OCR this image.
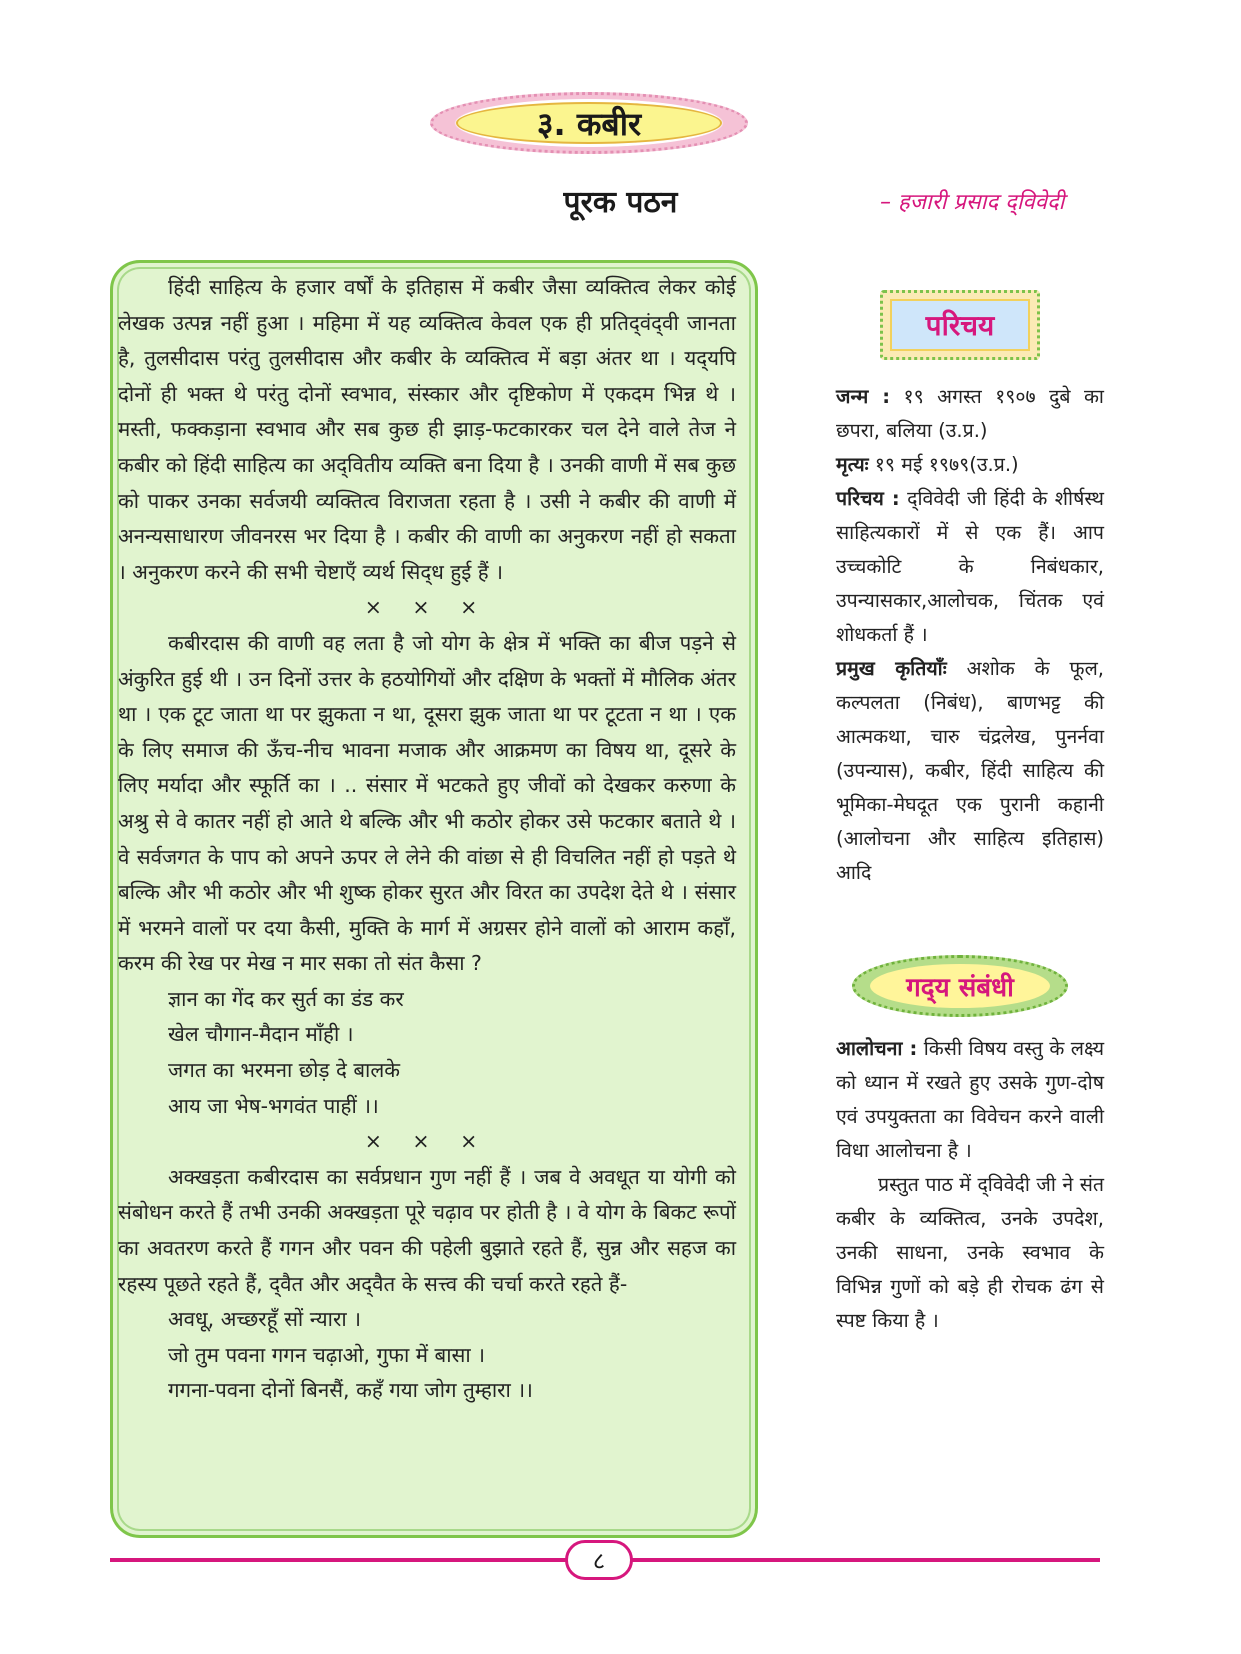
३. कबीर
पूरक पठन	– हजारी प्रसाद द्‌विवेदी

हिंदी साहित्य के हजार वर्षों के इतिहास में कबीर जैसा व्यक्तित्व लेकर कोई लेखक उत्पन्न नहीं हुआ । महिमा में यह व्यक्तित्व केवल एक ही प्रतिद्‌वंद्‌वी जानता है, तुलसीदास परंतु तुलसीदास और कबीर के व्यक्तित्व में बड़ा अंतर था । यद्‌यपि दोनों ही भक्त थे परंतु दोनों स्वभाव, संस्कार और दृष्टिकोण में एकदम भिन्न थे । मस्ती, फक्कड़ाना स्वभाव और सब कुछ ही झाड़-फटकारकर चल देने वाले तेज ने कबीर को हिंदी साहित्य का अद्‌वितीय व्यक्ति बना दिया है । उनकी वाणी में सब कुछ को पाकर उनका सर्वजयी व्यक्तित्व विराजता रहता है । उसी ने कबीर की वाणी में अनन्यसाधारण जीवनरस भर दिया है । कबीर की वाणी का अनुकरण नहीं हो सकता । अनुकरण करने की सभी चेष्टाएँ व्यर्थ सिद्‌ध हुई हैं ।

× × ×

कबीरदास की वाणी वह लता है जो योग के क्षेत्र में भक्ति का बीज पड़ने से अंकुरित हुई थी । उन दिनों उत्तर के हठयोगियों और दक्षिण के भक्तों में मौलिक अंतर था । एक टूट जाता था पर झुकता न था, दूसरा झुक जाता था पर टूटता न था । एक के लिए समाज की ऊँच-नीच भावना मजाक और आक्रमण का विषय था, दूसरे के लिए मर्यादा और स्फूर्ति का । .. संसार में भटकते हुए जीवों को देखकर करुणा के अश्रु से वे कातर नहीं हो आते थे बल्कि और भी कठोर होकर उसे फटकार बताते थे । वे सर्वजगत के पाप को अपने ऊपर ले लेने की वांछा से ही विचलित नहीं हो पड़ते थे बल्कि और भी कठोर और भी शुष्क होकर सुरत और विरत का उपदेश देते थे । संसार में भरमने वालों पर दया कैसी, मुक्ति के मार्ग में अग्रसर होने वालों को आराम कहाँ, करम की रेख पर मेख न मार सका तो संत कैसा ?

ज्ञान का गेंद कर सुर्त का डंड कर

खेल चौगान-मैदान माँही ।

जगत का भरमना छोड़ दे बालके

आय जा भेष-भगवंत पाहीं ।।

× × ×

अक्खड़ता कबीरदास का सर्वप्रधान गुण नहीं हैं । जब वे अवधूत या योगी को संबोधन करते हैं तभी उनकी अक्खड़ता पूरे चढ़ाव पर होती है । वे योग के बिकट रूपों का अवतरण करते हैं गगन और पवन की पहेली बुझाते रहते हैं, सुन्न और सहज का रहस्य पूछते रहते हैं, द्‌वैत और अद्‌वैत के सत्त्व की चर्चा करते रहते हैं-

अवधू, अच्छरहूँ सों न्यारा ।

जो तुम पवना गगन चढ़ाओ, गुफा में बासा ।

गगना-पवना दोनों बिनसैं, कहँ गया जोग तुम्हारा ।।

परिचय

जन्म : १९ अगस्त १९०७ दुबे का छपरा, बलिया (उ.प्र.)

मृत्यः १९ मई १९७९(उ.प्र.)

परिचय : द्‌विवेदी जी हिंदी के शीर्षस्थ साहित्यकारों में से एक हैं। आप उच्चकोटि के निबंधकार, उपन्यासकार,आलोचक, चिंतक एवं शोधकर्ता हैं ।

प्रमुख कृतियाँः अशोक के फूल, कल्पलता (निबंध), बाणभट्ट की आत्मकथा, चारु चंद्रलेख, पुनर्नवा (उपन्यास), कबीर, हिंदी साहित्य की भूमिका-मेघदूत एक पुरानी कहानी (आलोचना और साहित्य इतिहास) आदि

गद्‌य संबंधी

आलोचना : किसी विषय वस्तु के लक्ष्य को ध्यान में रखते हुए उसके गुण-दोष एवं उपयुक्तता का विवेचन करने वाली विधा आलोचना है ।

प्रस्तुत पाठ में द्‌विवेदी जी ने संत कबीर के व्यक्तित्व, उनके उपदेश, उनकी साधना, उनके स्वभाव के विभिन्न गुणों को बड़े ही रोचक ढंग से स्पष्ट किया है ।

८
